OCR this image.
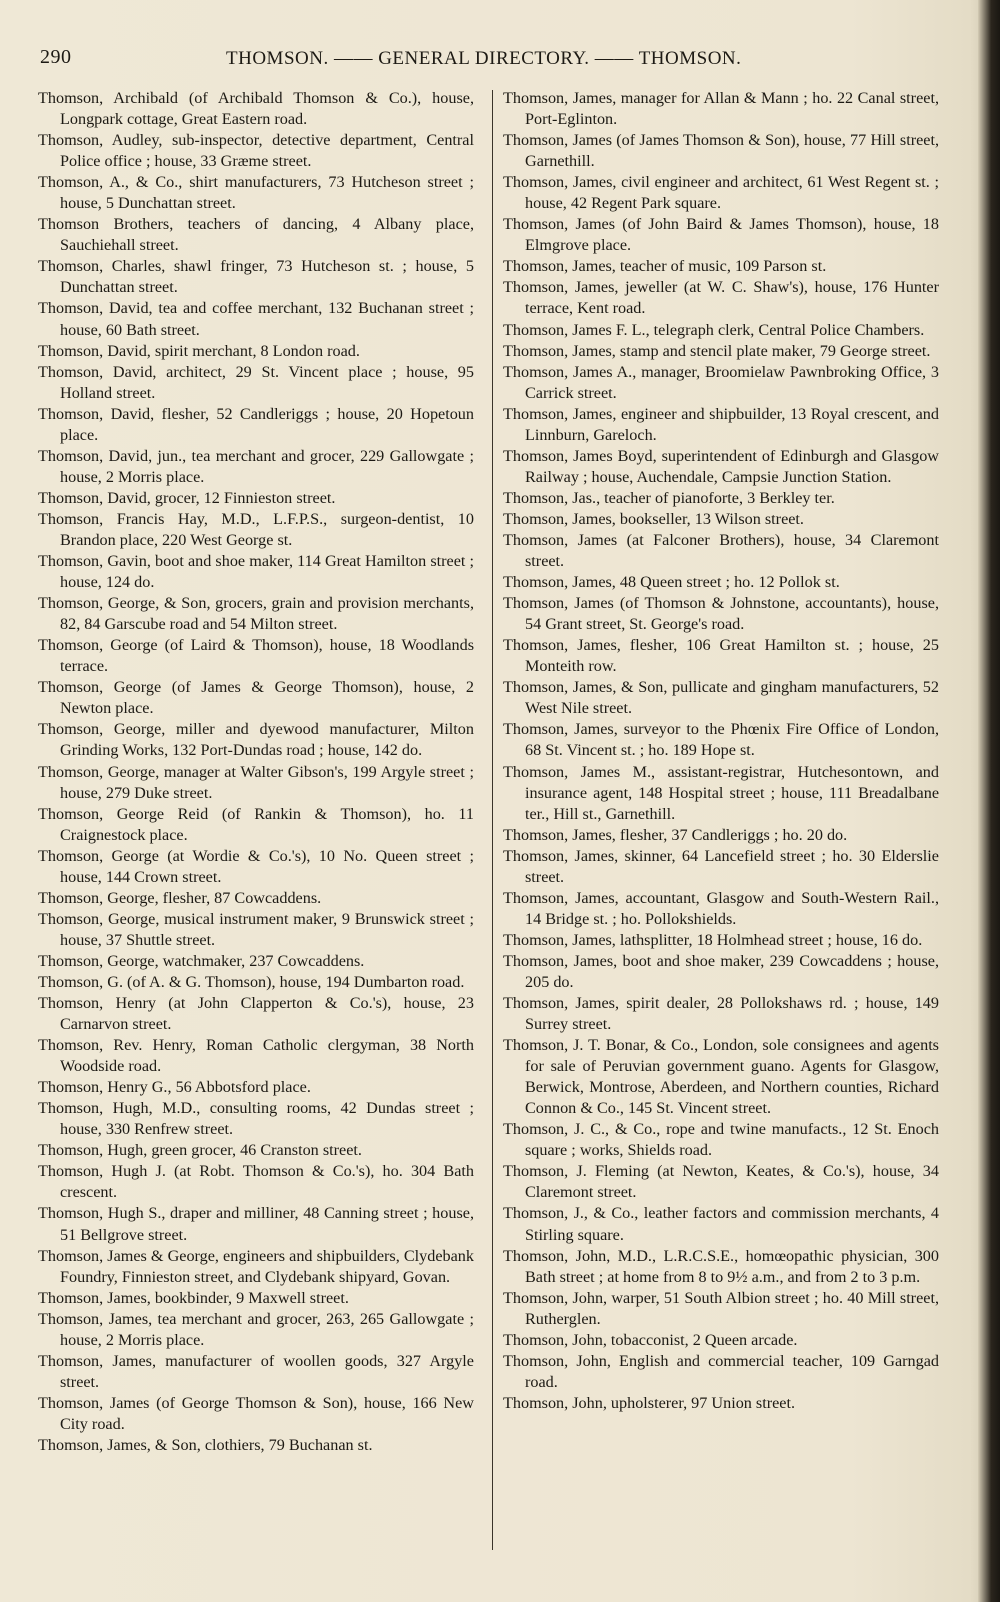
290	THOMSON. —— GENERAL DIRECTORY. —— THOMSON.

Thomson, Archibald (of Archibald Thomson & Co.), house, Longpark cottage, Great Eastern road.

Thomson, Audley, sub-inspector, detective department, Central Police office ; house, 33 Græme street.

Thomson, A., & Co., shirt manufacturers, 73 Hutcheson street ; house, 5 Dunchattan street.

Thomson Brothers, teachers of dancing, 4 Albany place, Sauchiehall street.

Thomson, Charles, shawl fringer, 73 Hutcheson st. ; house, 5 Dunchattan street.

Thomson, David, tea and coffee merchant, 132 Buchanan street ; house, 60 Bath street.

Thomson, David, spirit merchant, 8 London road.

Thomson, David, architect, 29 St. Vincent place ; house, 95 Holland street.

Thomson, David, flesher, 52 Candleriggs ; house, 20 Hopetoun place.

Thomson, David, jun., tea merchant and grocer, 229 Gallowgate ; house, 2 Morris place.

Thomson, David, grocer, 12 Finnieston street.

Thomson, Francis Hay, M.D., L.F.P.S., surgeon-dentist, 10 Brandon place, 220 West George st.

Thomson, Gavin, boot and shoe maker, 114 Great Hamilton street ; house, 124 do.

Thomson, George, & Son, grocers, grain and provision merchants, 82, 84 Garscube road and 54 Milton street.

Thomson, George (of Laird & Thomson), house, 18 Woodlands terrace.

Thomson, George (of James & George Thomson), house, 2 Newton place.

Thomson, George, miller and dyewood manufacturer, Milton Grinding Works, 132 Port-Dundas road ; house, 142 do.

Thomson, George, manager at Walter Gibson's, 199 Argyle street ; house, 279 Duke street.

Thomson, George Reid (of Rankin & Thomson), ho. 11 Craignestock place.

Thomson, George (at Wordie & Co.'s), 10 No. Queen street ; house, 144 Crown street.

Thomson, George, flesher, 87 Cowcaddens.

Thomson, George, musical instrument maker, 9 Brunswick street ; house, 37 Shuttle street.

Thomson, George, watchmaker, 237 Cowcaddens.

Thomson, G. (of A. & G. Thomson), house, 194 Dumbarton road.

Thomson, Henry (at John Clapperton & Co.'s), house, 23 Carnarvon street.

Thomson, Rev. Henry, Roman Catholic clergyman, 38 North Woodside road.

Thomson, Henry G., 56 Abbotsford place.

Thomson, Hugh, M.D., consulting rooms, 42 Dundas street ; house, 330 Renfrew street.

Thomson, Hugh, green grocer, 46 Cranston street.

Thomson, Hugh J. (at Robt. Thomson & Co.'s), ho. 304 Bath crescent.

Thomson, Hugh S., draper and milliner, 48 Canning street ; house, 51 Bellgrove street.

Thomson, James & George, engineers and shipbuilders, Clydebank Foundry, Finnieston street, and Clydebank shipyard, Govan.

Thomson, James, bookbinder, 9 Maxwell street.

Thomson, James, tea merchant and grocer, 263, 265 Gallowgate ; house, 2 Morris place.

Thomson, James, manufacturer of woollen goods, 327 Argyle street.

Thomson, James (of George Thomson & Son), house, 166 New City road.

Thomson, James, & Son, clothiers, 79 Buchanan st.

Thomson, James, manager for Allan & Mann ; ho. 22 Canal street, Port-Eglinton.

Thomson, James (of James Thomson & Son), house, 77 Hill street, Garnethill.

Thomson, James, civil engineer and architect, 61 West Regent st. ; house, 42 Regent Park square.

Thomson, James (of John Baird & James Thomson), house, 18 Elmgrove place.

Thomson, James, teacher of music, 109 Parson st.

Thomson, James, jeweller (at W. C. Shaw's), house, 176 Hunter terrace, Kent road.

Thomson, James F. L., telegraph clerk, Central Police Chambers.

Thomson, James, stamp and stencil plate maker, 79 George street.

Thomson, James A., manager, Broomielaw Pawnbroking Office, 3 Carrick street.

Thomson, James, engineer and shipbuilder, 13 Royal crescent, and Linnburn, Gareloch.

Thomson, James Boyd, superintendent of Edinburgh and Glasgow Railway ; house, Auchendale, Campsie Junction Station.

Thomson, Jas., teacher of pianoforte, 3 Berkley ter.

Thomson, James, bookseller, 13 Wilson street.

Thomson, James (at Falconer Brothers), house, 34 Claremont street.

Thomson, James, 48 Queen street ; ho. 12 Pollok st.

Thomson, James (of Thomson & Johnstone, accountants), house, 54 Grant street, St. George's road.

Thomson, James, flesher, 106 Great Hamilton st. ; house, 25 Monteith row.

Thomson, James, & Son, pullicate and gingham manufacturers, 52 West Nile street.

Thomson, James, surveyor to the Phœnix Fire Office of London, 68 St. Vincent st. ; ho. 189 Hope st.

Thomson, James M., assistant-registrar, Hutchesontown, and insurance agent, 148 Hospital street ; house, 111 Breadalbane ter., Hill st., Garnethill.

Thomson, James, flesher, 37 Candleriggs ; ho. 20 do.

Thomson, James, skinner, 64 Lancefield street ; ho. 30 Elderslie street.

Thomson, James, accountant, Glasgow and South-Western Rail., 14 Bridge st. ; ho. Pollokshields.

Thomson, James, lathsplitter, 18 Holmhead street ; house, 16 do.

Thomson, James, boot and shoe maker, 239 Cowcaddens ; house, 205 do.

Thomson, James, spirit dealer, 28 Pollokshaws rd. ; house, 149 Surrey street.

Thomson, J. T. Bonar, & Co., London, sole consignees and agents for sale of Peruvian government guano. Agents for Glasgow, Berwick, Montrose, Aberdeen, and Northern counties, Richard Connon & Co., 145 St. Vincent street.

Thomson, J. C., & Co., rope and twine manufacts., 12 St. Enoch square ; works, Shields road.

Thomson, J. Fleming (at Newton, Keates, & Co.'s), house, 34 Claremont street.

Thomson, J., & Co., leather factors and commission merchants, 4 Stirling square.

Thomson, John, M.D., L.R.C.S.E., homœopathic physician, 300 Bath street ; at home from 8 to 9½ a.m., and from 2 to 3 p.m.

Thomson, John, warper, 51 South Albion street ; ho. 40 Mill street, Rutherglen.

Thomson, John, tobacconist, 2 Queen arcade.

Thomson, John, English and commercial teacher, 109 Garngad road.

Thomson, John, upholsterer, 97 Union street.
